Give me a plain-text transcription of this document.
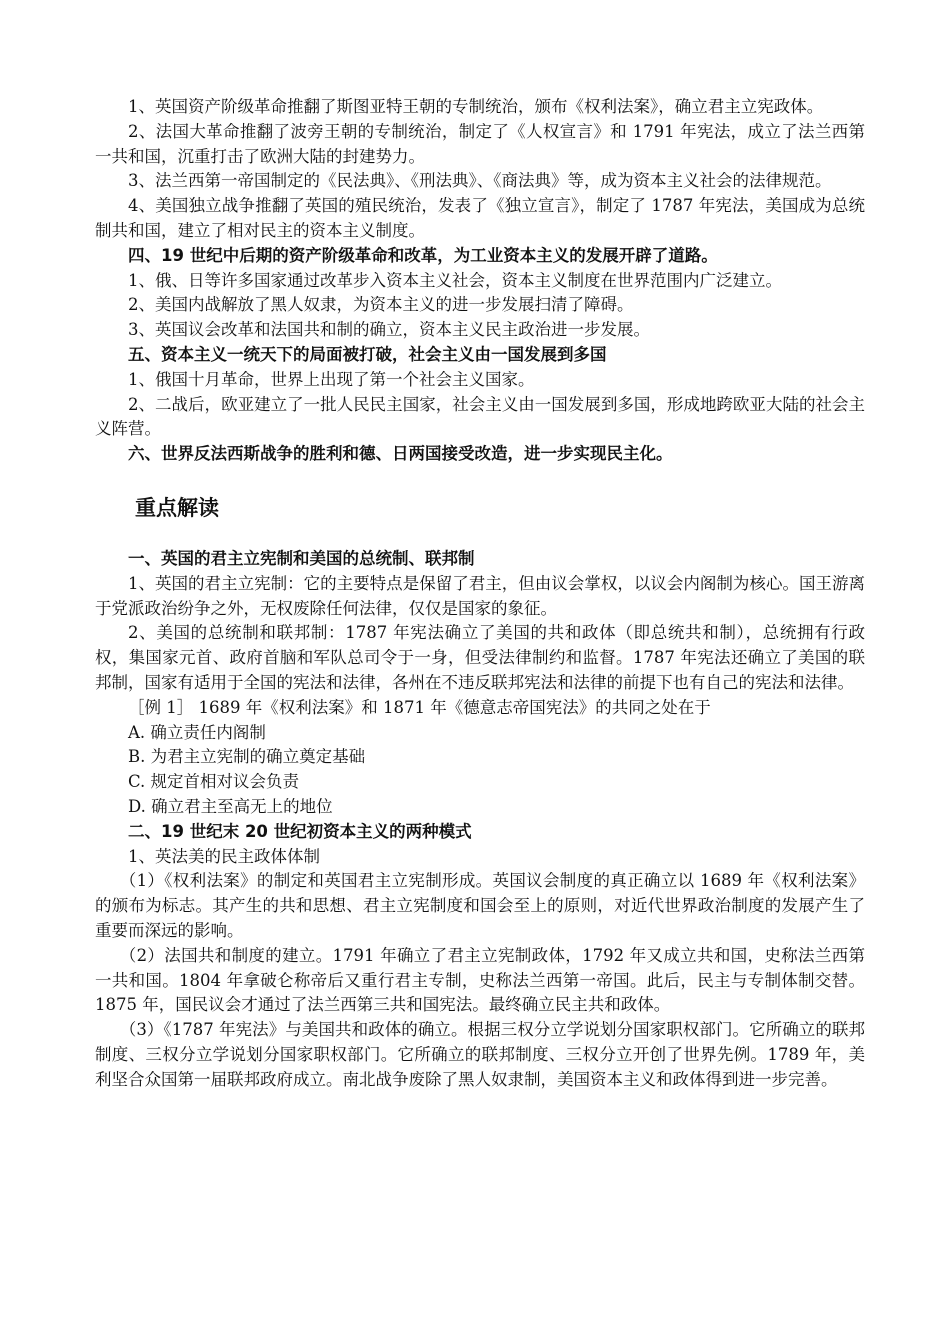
1、英国资产阶级革命推翻了斯图亚特王朝的专制统治，颁布《权利法案》，确立君主立宪政体。

2、法国大革命推翻了波旁王朝的专制统治，制定了《人权宣言》和 1791 年宪法，成立了法兰西第一共和国，沉重打击了欧洲大陆的封建势力。

3、法兰西第一帝国制定的《民法典》、《刑法典》、《商法典》等，成为资本主义社会的法律规范。

4、美国独立战争推翻了英国的殖民统治，发表了《独立宣言》，制定了 1787 年宪法，美国成为总统制共和国，建立了相对民主的资本主义制度。

四、19 世纪中后期的资产阶级革命和改革，为工业资本主义的发展开辟了道路。

1、俄、日等许多国家通过改革步入资本主义社会，资本主义制度在世界范围内广泛建立。

2、美国内战解放了黑人奴隶，为资本主义的进一步发展扫清了障碍。

3、英国议会改革和法国共和制的确立，资本主义民主政治进一步发展。

五、资本主义一统天下的局面被打破，社会主义由一国发展到多国

1、俄国十月革命，世界上出现了第一个社会主义国家。

2、二战后，欧亚建立了一批人民民主国家，社会主义由一国发展到多国，形成地跨欧亚大陆的社会主义阵营。

六、世界反法西斯战争的胜利和德、日两国接受改造，进一步实现民主化。

重点解读

一、英国的君主立宪制和美国的总统制、联邦制

1、英国的君主立宪制：它的主要特点是保留了君主，但由议会掌权，以议会内阁制为核心。国王游离于党派政治纷争之外，无权废除任何法律，仅仅是国家的象征。

2、美国的总统制和联邦制：1787 年宪法确立了美国的共和政体（即总统共和制），总统拥有行政权，集国家元首、政府首脑和军队总司令于一身，但受法律制约和监督。1787 年宪法还确立了美国的联邦制，国家有适用于全国的宪法和法律，各州在不违反联邦宪法和法律的前提下也有自己的宪法和法律。

［例 1］ 1689 年《权利法案》和 1871 年《德意志帝国宪法》的共同之处在于

A. 确立责任内阁制

B. 为君主立宪制的确立奠定基础

C. 规定首相对议会负责

D. 确立君主至高无上的地位

二、19 世纪末 20 世纪初资本主义的两种模式

1、英法美的民主政体体制

（1）《权利法案》的制定和英国君主立宪制形成。英国议会制度的真正确立以 1689 年《权利法案》的颁布为标志。其产生的共和思想、君主立宪制度和国会至上的原则，对近代世界政治制度的发展产生了重要而深远的影响。

（2）法国共和制度的建立。1791 年确立了君主立宪制政体，1792 年又成立共和国，史称法兰西第一共和国。1804 年拿破仑称帝后又重行君主专制，史称法兰西第一帝国。此后，民主与专制体制交替。1875 年，国民议会才通过了法兰西第三共和国宪法。最终确立民主共和政体。

（3）《1787 年宪法》与美国共和政体的确立。根据三权分立学说划分国家职权部门。它所确立的联邦制度、三权分立学说划分国家职权部门。它所确立的联邦制度、三权分立开创了世界先例。1789 年，美利坚合众国第一届联邦政府成立。南北战争废除了黑人奴隶制，美国资本主义和政体得到进一步完善。
